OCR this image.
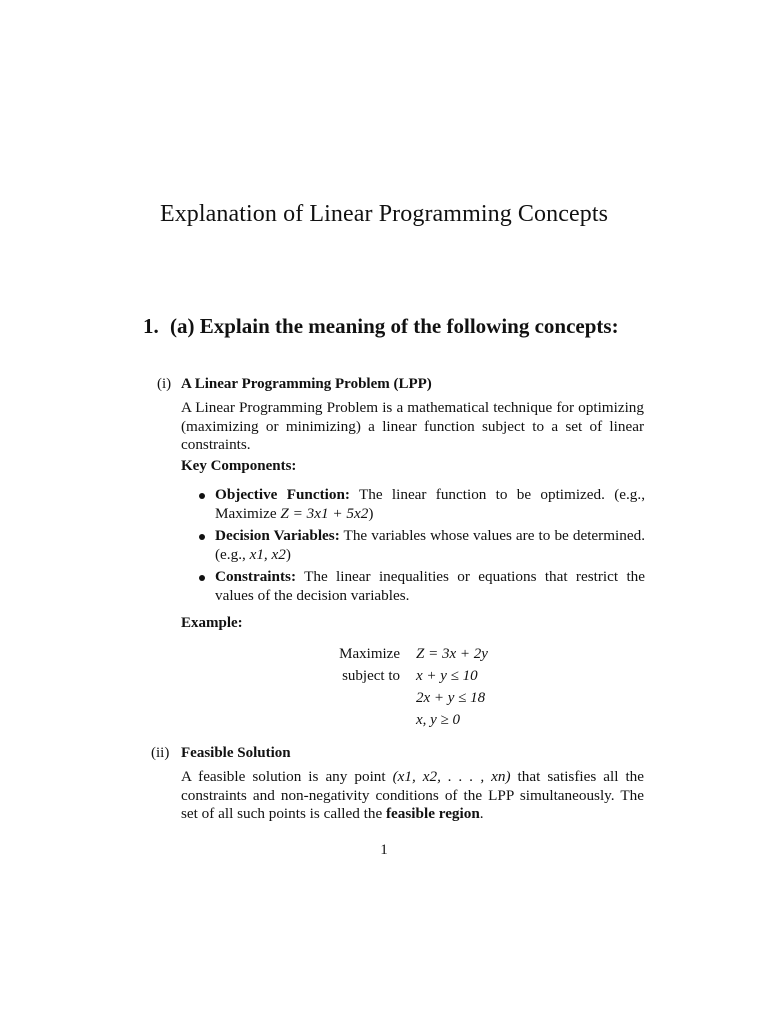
Explanation of Linear Programming Concepts
1. (a) Explain the meaning of the following concepts:
(i) A Linear Programming Problem (LPP)
A Linear Programming Problem is a mathematical technique for optimizing (maximizing or minimizing) a linear function subject to a set of linear constraints.
Key Components:
Objective Function: The linear function to be optimized. (e.g., Maximize Z = 3x1 + 5x2)
Decision Variables: The variables whose values are to be determined. (e.g., x1, x2)
Constraints: The linear inequalities or equations that restrict the values of the decision variables.
Example:
Maximize	Z = 3x + 2y
subject to	x + y ≤ 10
	2x + y ≤ 18
	x, y ≥ 0
(ii) Feasible Solution
A feasible solution is any point (x1, x2, . . . , xn) that satisfies all the constraints and non-negativity conditions of the LPP simultaneously. The set of all such points is called the feasible region.
1
